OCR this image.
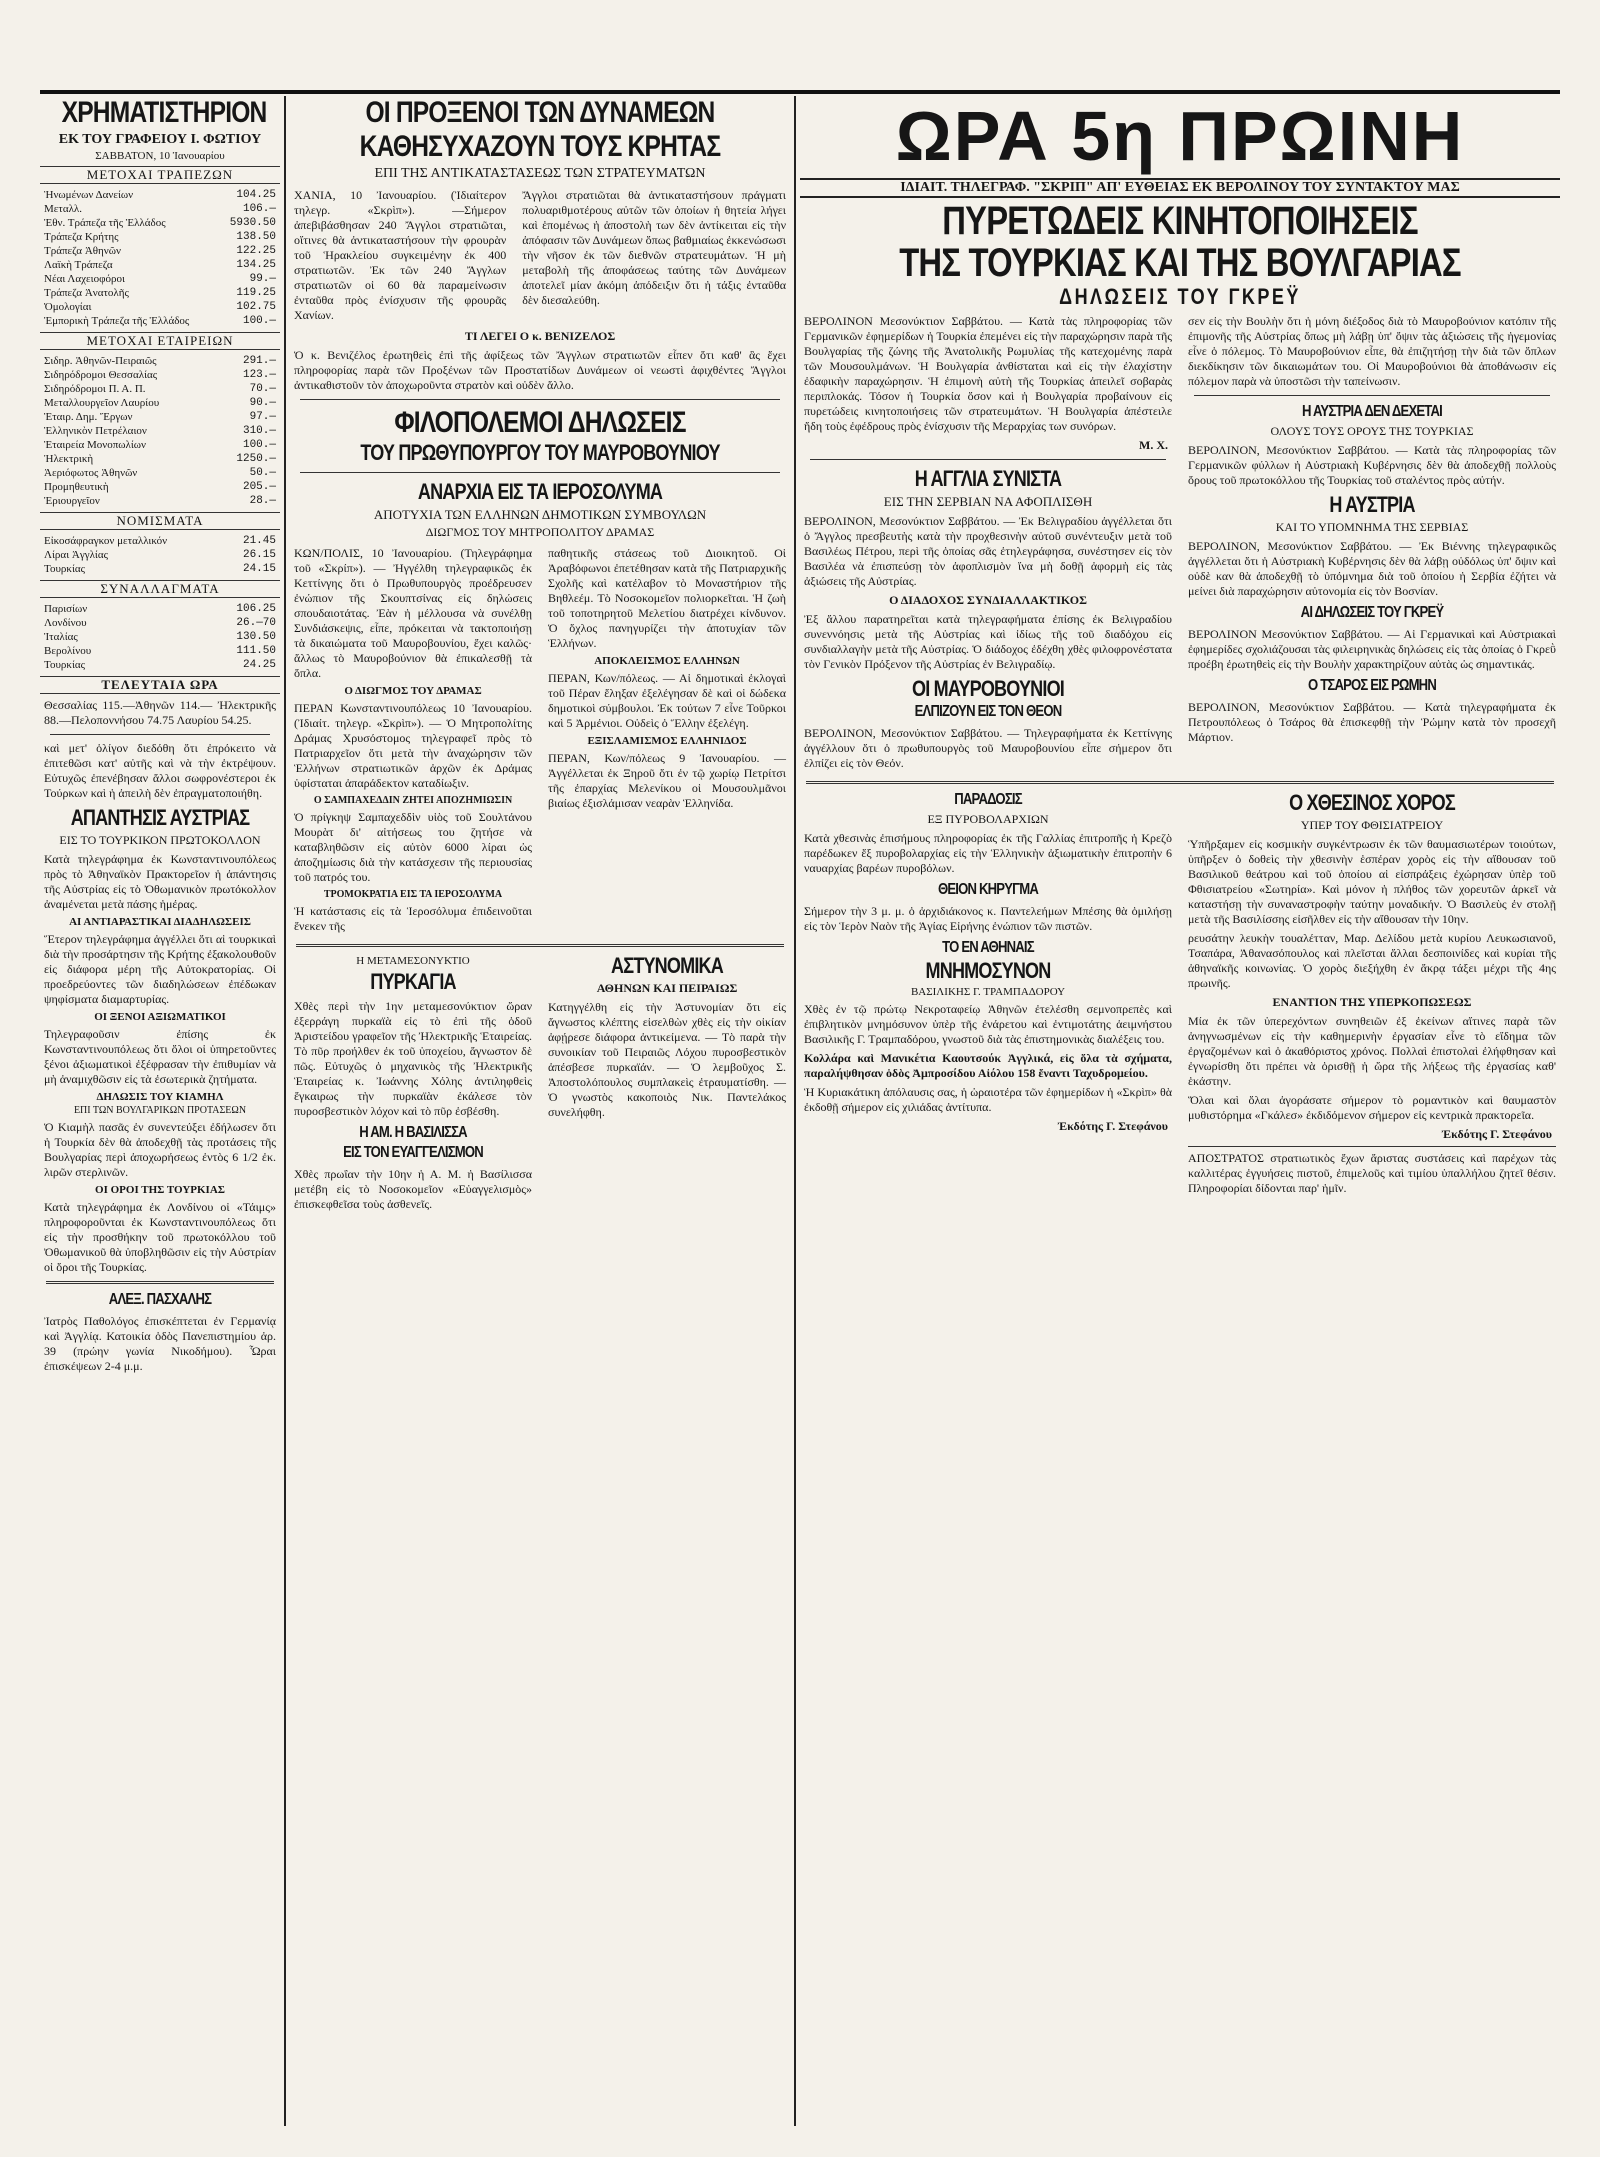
ΧΡΗΜΑΤΙΣΤΗΡΙΟΝ
ΕΚ ΤΟΥ ΓΡΑΦΕΙΟΥ Ι. ΦΩΤΙΟΥ
ΣΑΒΒΑΤΟΝ, 10 Ἰανουαρίου
ΜΕΤΟΧΑΙ ΤΡΑΠΕΖΩΝ
Ἡνωμένων Δανείων	104.25
Μεταλλ.	106.—
Ἐθν. Τράπεζα τῆς Ἑλλάδος	5930.50
Τράπεζα Κρήτης	138.50
Τράπεζα Ἀθηνῶν	122.25
Λαϊκὴ Τράπεζα	134.25
Νέαι Λαχειοφόροι	99.—
Τράπεζα Ἀνατολῆς	119.25
Ὀμολογίαι	102.75
Ἐμπορικὴ Τράπεζα τῆς Ἑλλάδος	100.—
ΜΕΤΟΧΑΙ ΕΤΑΙΡΕΙΩΝ
Σιδηρ. Ἀθηνῶν-Πειραιῶς	291.—
Σιδηρόδρομοι Θεσσαλίας	123.—
Σιδηρόδρομοι Π. Α. Π.	70.—
Μεταλλουργεῖον Λαυρίου	90.—
Ἑταιρ. Δημ. Ἔργων	97.—
Ἑλληνικὸν Πετρέλαιον	310.—
Ἑταιρεία Μονοπωλίων	100.—
Ἠλεκτρικὴ	1250.—
Ἀεριόφωτος Ἀθηνῶν	50.—
Προμηθευτικὴ	205.—
Ἐριουργεῖον	28.—
ΝΟΜΙΣΜΑΤΑ
Εἰκοσάφραγκον μεταλλικόν	21.45
Λίραι Ἀγγλίας	26.15
Τουρκίας	24.15
ΣΥΝΑΛΛΑΓΜΑΤΑ
Παρισίων	106.25
Λονδίνου	26.—70
Ἰταλίας	130.50
Βερολίνου	111.50
Τουρκίας	24.25
ΤΕΛΕΥΤΑΙΑ ΩΡΑ

Θεσσαλίας 115.—Ἀθηνῶν 114.— Ἠλεκτρικῆς 88.—Πελοποννήσου 74.75 Λαυρίου 54.25.

καὶ μετ' ὀλίγον διεδόθη ὅτι ἐπρόκειτο νὰ ἐπιτεθῶσι κατ' αὐτῆς καὶ νὰ τὴν ἐκτρέψουν. Εὐτυχῶς ἐπενέβησαν ἄλλοι σωφρονέστεροι ἐκ Τούρκων καὶ ἡ ἀπειλὴ δὲν ἐπραγματοποιήθη.

ΑΠΑΝΤΗΣΙΣ ΑΥΣΤΡΙΑΣ
ΕΙΣ ΤΟ ΤΟΥΡΚΙΚΟΝ ΠΡΩΤΟΚΟΛΛΟΝ

Κατὰ τηλεγράφημα ἐκ Κωνσταντινουπόλεως πρὸς τὸ Ἀθηναϊκὸν Πρακτορεῖον ἡ ἀπάντησις τῆς Αὐστρίας εἰς τὸ Ὀθωμανικὸν πρωτόκολλον ἀναμένεται μετὰ πάσης ἡμέρας.

ΑΙ ΑΝΤΙΑΡΑΣΤΙΚΑΙ ΔΙΑΔΗΛΩΣΕΙΣ

Ἕτερον τηλεγράφημα ἀγγέλλει ὅτι αἱ τουρκικαὶ διὰ τὴν προσάρτησιν τῆς Κρήτης ἐξακολουθοῦν εἰς διάφορα μέρη τῆς Αὐτοκρατορίας. Οἱ προεδρεύοντες τῶν διαδηλώσεων ἐπέδωκαν ψηφίσματα διαμαρτυρίας.

ΟΙ ΞΕΝΟΙ ΑΞΙΩΜΑΤΙΚΟΙ

Τηλεγραφοῦσιν ἐπίσης ἐκ Κωνσταντινουπόλεως ὅτι ὅλοι οἱ ὑπηρετοῦντες ξένοι ἀξιωματικοὶ ἐξέφρασαν τὴν ἐπιθυμίαν νὰ μὴ ἀναμιχθῶσιν εἰς τὰ ἐσωτερικὰ ζητήματα.

ΔΗΛΩΣΙΣ ΤΟΥ ΚΙΑΜΗΛ
ΕΠΙ ΤΩΝ ΒΟΥΛΓΑΡΙΚΩΝ ΠΡΟΤΑΣΕΩΝ

Ὁ Κιαμὴλ πασᾶς ἐν συνεντεύξει ἐδήλωσεν ὅτι ἡ Τουρκία δὲν θὰ ἀποδεχθῇ τὰς προτάσεις τῆς Βουλγαρίας περὶ ἀποχωρήσεως ἐντὸς 6 1/2 ἐκ. λιρῶν στερλινῶν.

ΟΙ ΟΡΟΙ ΤΗΣ ΤΟΥΡΚΙΑΣ

Κατὰ τηλεγράφημα ἐκ Λονδίνου οἱ «Τάιμς» πληροφοροῦνται ἐκ Κωνσταντινουπόλεως ὅτι εἰς τὴν προσθήκην τοῦ πρωτοκόλλου τοῦ Ὀθωμανικοῦ θὰ ὑποβληθῶσιν εἰς τὴν Αὐστρίαν οἱ ὅροι τῆς Τουρκίας.

ΑΛΕΞ. ΠΑΣΧΑΛΗΣ

Ἰατρὸς Παθολόγος ἐπισκέπτεται ἐν Γερμανίᾳ καὶ Ἀγγλίᾳ. Κατοικία ὁδὸς Πανεπιστημίου ἀρ. 39 (πρώην γωνία Νικοδήμου). Ὧραι ἐπισκέψεων 2-4 μ.μ.

ΟΙ ΠΡΟΞΕΝΟΙ ΤΩΝ ΔΥΝΑΜΕΩΝ
ΚΑΘΗΣΥΧΑΖΟΥΝ ΤΟΥΣ ΚΡΗΤΑΣ
ΕΠΙ ΤΗΣ ΑΝΤΙΚΑΤΑΣΤΑΣΕΩΣ ΤΩΝ ΣΤΡΑΤΕΥΜΑΤΩΝ

ΧΑΝΙΑ, 10 Ἰανουαρίου. (Ἰδιαίτερον τηλεγρ. «Σκρὶπ»). —Σήμερον ἀπεβιβάσθησαν 240 Ἄγγλοι στρατιῶται, οἵτινες θὰ ἀντικαταστήσουν τὴν φρουρὰν τοῦ Ἡρακλείου συγκειμένην ἐκ 400 στρατιωτῶν. Ἐκ τῶν 240 Ἄγγλων στρατιωτῶν οἱ 60 θὰ παραμείνωσιν ἐνταῦθα πρὸς ἐνίσχυσιν τῆς φρουρᾶς Χανίων.

Ἄγγλοι στρατιῶται θὰ ἀντικαταστήσουν πράγματι πολυαριθμοτέρους αὐτῶν τῶν ὁποίων ἡ θητεία λήγει καὶ ἑπομένως ἡ ἀποστολὴ των δὲν ἀντίκειται εἰς τὴν ἀπόφασιν τῶν Δυνάμεων ὅπως βαθμιαίως ἐκκενώσωσι τὴν νῆσον ἐκ τῶν διεθνῶν στρατευμάτων. Ἡ μὴ μεταβολὴ τῆς ἀποφάσεως ταύτης τῶν Δυνάμεων ἀποτελεῖ μίαν ἀκόμη ἀπόδειξιν ὅτι ἡ τάξις ἐνταῦθα δὲν διεσαλεύθη.

ΤΙ ΛΕΓΕΙ Ο κ. ΒΕΝΙΖΕΛΟΣ

Ὁ κ. Βενιζέλος ἐρωτηθεὶς ἐπὶ τῆς ἀφίξεως τῶν Ἄγγλων στρατιωτῶν εἶπεν ὅτι καθ' ἃς ἔχει πληροφορίας παρὰ τῶν Προξένων τῶν Προστατίδων Δυνάμεων οἱ νεωστὶ ἀφιχθέντες Ἄγγλοι ἀντικαθιστοῦν τὸν ἀποχωροῦντα στρατὸν καὶ οὐδὲν ἄλλο.

ΦΙΛΟΠΟΛΕΜΟΙ ΔΗΛΩΣΕΙΣ
ΤΟΥ ΠΡΩΘΥΠΟΥΡΓΟΥ ΤΟΥ ΜΑΥΡΟΒΟΥΝΙΟΥ
ΑΝΑΡΧΙΑ ΕΙΣ ΤΑ ΙΕΡΟΣΟΛΥΜΑ
ΑΠΟΤΥΧΙΑ ΤΩΝ ΕΛΛΗΝΩΝ ΔΗΜΟΤΙΚΩΝ ΣΥΜΒΟΥΛΩΝ
ΔΙΩΓΜΟΣ ΤΟΥ ΜΗΤΡΟΠΟΛΙΤΟΥ ΔΡΑΜΑΣ

ΚΩΝ/ΠΟΛΙΣ, 10 Ἰανουαρίου. (Τηλεγράφημα τοῦ «Σκρίπ»). — Ἠγγέλθη τηλεγραφικῶς ἐκ Κεττίνγης ὅτι ὁ Πρωθυπουργὸς προέδρευσεν ἐνώπιον τῆς Σκουπτσίνας εἰς δηλώσεις σπουδαιοτάτας. Ἐὰν ἡ μέλλουσα νὰ συνέλθῃ Συνδιάσκεψις, εἶπε, πρόκειται νὰ τακτοποιήσῃ τὰ δικαιώματα τοῦ Μαυροβουνίου, ἔχει καλῶς· ἄλλως τὸ Μαυροβούνιον θὰ ἐπικαλεσθῇ τὰ ὅπλα.

Ο ΔΙΩΓΜΟΣ ΤΟΥ ΔΡΑΜΑΣ

ΠΕΡΑΝ Κωνσταντινουπόλεως 10 Ἰανουαρίου. (Ἰδιαίτ. τηλεγρ. «Σκρὶπ»). — Ὁ Μητροπολίτης Δράμας Χρυσόστομος τηλεγραφεῖ πρὸς τὸ Πατριαρχεῖον ὅτι μετὰ τὴν ἀναχώρησιν τῶν Ἑλλήνων στρατιωτικῶν ἀρχῶν ἐκ Δράμας ὑφίσταται ἀπαράδεκτον καταδίωξιν.

Ο ΣΑΜΠΑΧΕΔΔΙΝ ΖΗΤΕΙ ΑΠΟΖΗΜΙΩΣΙΝ

Ὁ πρίγκηψ Σαμπαχεδδὶν υἱὸς τοῦ Σουλτάνου Μουρὰτ δι' αἰτήσεως του ζητήσε νὰ καταβληθῶσιν εἰς αὐτὸν 6000 λίραι ὡς ἀποζημίωσις διὰ τὴν κατάσχεσιν τῆς περιουσίας τοῦ πατρός του.

ΤΡΟΜΟΚΡΑΤΙΑ ΕΙΣ ΤΑ ΙΕΡΟΣΟΛΥΜΑ

Ἡ κατάστασις εἰς τὰ Ἱεροσόλυμα ἐπιδεινοῦται ἕνεκεν τῆς

παθητικῆς στάσεως τοῦ Διοικητοῦ. Οἱ Ἀραβόφωνοι ἐπετέθησαν κατὰ τῆς Πατριαρχικῆς Σχολῆς καὶ κατέλαβον τὸ Μοναστήριον τῆς Βηθλεέμ. Τὸ Νοσοκομεῖον πολιορκεῖται. Ἡ ζωὴ τοῦ τοποτηρητοῦ Μελετίου διατρέχει κίνδυνον. Ὁ ὄχλος πανηγυρίζει τὴν ἀποτυχίαν τῶν Ἑλλήνων.

ΑΠΟΚΛΕΙΣΜΟΣ ΕΛΛΗΝΩΝ

ΠΕΡΑΝ, Κων/πόλεως. — Αἱ δημοτικαὶ ἐκλογαὶ τοῦ Πέραν ἔληξαν ἐξελέγησαν δὲ καὶ οἱ δώδεκα δημοτικοὶ σύμβουλοι. Ἐκ τούτων 7 εἶνε Τοῦρκοι καὶ 5 Ἀρμένιοι. Οὐδεὶς ὁ Ἕλλην ἐξελέγη.

ΕΞΙΣΛΑΜΙΣΜΟΣ ΕΛΛΗΝΙΔΟΣ

ΠΕΡΑΝ, Κων/πόλεως 9 Ἰανουαρίου. — Ἀγγέλλεται ἐκ Ξηροῦ ὅτι ἐν τῷ χωρίῳ Πετρίτσι τῆς ἐπαρχίας Μελενίκου οἱ Μουσουλμᾶνοι βιαίως ἐξισλάμισαν νεαρὰν Ἑλληνίδα.

Η ΜΕΤΑΜΕΣΟΝΥΚΤΙΟ
ΠΥΡΚΑΓΙΑ

Χθὲς περὶ τὴν 1ην μεταμεσονύκτιον ὥραν ἐξερράγη πυρκαϊὰ εἰς τὸ ἐπὶ τῆς ὁδοῦ Ἀριστείδου γραφεῖον τῆς Ἠλεκτρικῆς Ἑταιρείας. Τὸ πῦρ προήλθεν ἐκ τοῦ ὑποχείου, ἄγνωστον δὲ πῶς. Εὐτυχῶς ὁ μηχανικὸς τῆς Ἠλεκτρικῆς Ἑταιρείας κ. Ἰωάννης Χόλης ἀντιληφθεὶς ἔγκαιρως τὴν πυρκαϊὰν ἐκάλεσε τὸν πυροσβεστικὸν λόχον καὶ τὸ πῦρ ἐσβέσθη.

Η ΑΜ. Η ΒΑΣΙΛΙΣΣΑ
ΕΙΣ ΤΟΝ ΕΥΑΓΓΕΛΙΣΜΟΝ

Χθὲς πρωΐαν τὴν 10ην ἡ Α. Μ. ἡ Βασίλισσα μετέβη εἰς τὸ Νοσοκομεῖον «Εὐαγγελισμὸς» ἐπισκεφθεῖσα τοὺς ἀσθενεῖς.

ΑΣΤΥΝΟΜΙΚΑ
ΑΘΗΝΩΝ ΚΑΙ ΠΕΙΡΑΙΩΣ

Κατηγγέλθη εἰς τὴν Ἀστυνομίαν ὅτι εἰς ἄγνωστος κλέπτης εἰσελθὼν χθὲς εἰς τὴν οἰκίαν ἀφῄρεσε διάφορα ἀντικείμενα. — Τὸ παρὰ τὴν συνοικίαν τοῦ Πειραιῶς Λόχου πυροσβεστικὸν ἀπέσβεσε πυρκαϊάν. — Ὁ λεμβοῦχος Σ. Ἀποστολόπουλος συμπλακεὶς ἐτραυματίσθη. — Ὁ γνωστὸς κακοποιὸς Νικ. Παντελάκος συνελήφθη.

ΩΡΑ 5η ΠΡΩΙΝΗ
ΙΔΙΑΙΤ. ΤΗΛΕΓΡΑΦ. "ΣΚΡΙΠ" ΑΠ' ΕΥΘΕΙΑΣ ΕΚ ΒΕΡΟΛΙΝΟΥ ΤΟΥ ΣΥΝΤΑΚΤΟΥ ΜΑΣ
ΠΥΡΕΤΩΔΕΙΣ ΚΙΝΗΤΟΠΟΙΗΣΕΙΣ
ΤΗΣ ΤΟΥΡΚΙΑΣ ΚΑΙ ΤΗΣ ΒΟΥΛΓΑΡΙΑΣ
ΔΗΛΩΣΕΙΣ ΤΟΥ ΓΚΡΕΫ

ΒΕΡΟΛΙΝΟΝ Μεσονύκτιον Σαββάτου. — Κατὰ τὰς πληροφορίας τῶν Γερμανικῶν ἐφημερίδων ἡ Τουρκία ἐπεμένει εἰς τὴν παραχώρησιν παρὰ τῆς Βουλγαρίας τῆς ζώνης τῆς Ἀνατολικῆς Ρωμυλίας τῆς κατεχομένης παρὰ τῶν Μουσουλμάνων. Ἡ Βουλγαρία ἀνθίσταται καὶ εἰς τὴν ἐλαχίστην ἐδαφικὴν παραχώρησιν. Ἡ ἐπιμονὴ αὐτὴ τῆς Τουρκίας ἀπειλεῖ σοβαρὰς περιπλοκάς. Τόσον ἡ Τουρκία ὅσον καὶ ἡ Βουλγαρία προβαίνουν εἰς πυρετώδεις κινητοποιήσεις τῶν στρατευμάτων. Ἡ Βουλγαρία ἀπέστειλε ἤδη τοὺς ἐφέδρους πρὸς ἐνίσχυσιν τῆς Μεραρχίας των συνόρων.

Μ. Χ.
Η ΑΓΓΛΙΑ ΣΥΝΙΣΤΑ
ΕΙΣ ΤΗΝ ΣΕΡΒΙΑΝ ΝΑ ΑΦΟΠΛΙΣΘΗ

ΒΕΡΟΛΙΝΟΝ, Μεσονύκτιον Σαββάτου. — Ἐκ Βελιγραδίου ἀγγέλλεται ὅτι ὁ Ἄγγλος πρεσβευτὴς κατὰ τὴν προχθεσινὴν αὐτοῦ συνέντευξιν μετὰ τοῦ Βασιλέως Πέτρου, περὶ τῆς ὁποίας σᾶς ἐτηλεγράφησα, συνέστησεν εἰς τὸν Βασιλέα νὰ ἐπισπεύσῃ τὸν ἀφοπλισμὸν ἵνα μὴ δοθῇ ἀφορμὴ εἰς τὰς ἀξιώσεις τῆς Αὐστρίας.

Ο ΔΙΑΔΟΧΟΣ ΣΥΝΔΙΑΛΛΑΚΤΙΚΟΣ

Ἐξ ἄλλου παρατηρεῖται κατὰ τηλεγραφήματα ἐπίσης ἐκ Βελιγραδίου συνεννόησις μετὰ τῆς Αὐστρίας καὶ ἰδίως τῆς τοῦ διαδόχου εἰς συνδιαλλαγὴν μετὰ τῆς Αὐστρίας. Ὁ διάδοχος ἐδέχθη χθὲς φιλοφρονέστατα τὸν Γενικὸν Πρόξενον τῆς Αὐστρίας ἐν Βελιγραδίῳ.

ΟΙ ΜΑΥΡΟΒΟΥΝΙΟΙ
ΕΛΠΙΖΟΥΝ ΕΙΣ ΤΟΝ ΘΕΟΝ

ΒΕΡΟΛΙΝΟΝ, Μεσονύκτιον Σαββάτου. — Τηλεγραφήματα ἐκ Κεττίνγης ἀγγέλλουν ὅτι ὁ πρωθυπουργὸς τοῦ Μαυροβουνίου εἶπε σήμερον ὅτι ἐλπίζει εἰς τὸν Θεόν.

σεν εἰς τὴν Βουλὴν ὅτι ἡ μόνη διέξοδος διὰ τὸ Μαυροβούνιον κατόπιν τῆς ἐπιμονῆς τῆς Αὐστρίας ὅπως μὴ λάβῃ ὑπ' ὄψιν τὰς ἀξιώσεις τῆς ἡγεμονίας εἶνε ὁ πόλεμος. Τὸ Μαυροβούνιον εἶπε, θὰ ἐπιζητήσῃ τὴν διὰ τῶν ὅπλων διεκδίκησιν τῶν δικαιωμάτων του. Οἱ Μαυροβούνιοι θὰ ἀποθάνωσιν εἰς πόλεμον παρὰ νὰ ὑποστῶσι τὴν ταπείνωσιν.

Η ΑΥΣΤΡΙΑ ΔΕΝ ΔΕΧΕΤΑΙ
ΟΛΟΥΣ ΤΟΥΣ ΟΡΟΥΣ ΤΗΣ ΤΟΥΡΚΙΑΣ

ΒΕΡΟΛΙΝΟΝ, Μεσονύκτιον Σαββάτου. — Κατὰ τὰς πληροφορίας τῶν Γερμανικῶν φύλλων ἡ Αὐστριακὴ Κυβέρνησις δὲν θὰ ἀποδεχθῇ πολλοὺς ὅρους τοῦ πρωτοκόλλου τῆς Τουρκίας τοῦ σταλέντος πρὸς αὐτήν.

Η ΑΥΣΤΡΙΑ
ΚΑΙ ΤΟ ΥΠΟΜΝΗΜΑ ΤΗΣ ΣΕΡΒΙΑΣ

ΒΕΡΟΛΙΝΟΝ, Μεσονύκτιον Σαββάτου. — Ἐκ Βιέννης τηλεγραφικῶς ἀγγέλλεται ὅτι ἡ Αὐστριακὴ Κυβέρνησις δὲν θὰ λάβῃ οὐδόλως ὑπ' ὄψιν καὶ οὐδὲ καν θὰ ἀποδεχθῇ τὸ ὑπόμνημα διὰ τοῦ ὁποίου ἡ Σερβία ἐζήτει νὰ μείνει διὰ παραχώρησιν αὐτονομία εἰς τὸν Βοσνίαν.

ΑΙ ΔΗΛΩΣΕΙΣ ΤΟΥ ΓΚΡΕΫ

ΒΕΡΟΛΙΝΟΝ Μεσονύκτιον Σαββάτου. — Αἱ Γερμανικαὶ καὶ Αὐστριακαὶ ἐφημερίδες σχολιάζουσαι τὰς φιλειρηνικὰς δηλώσεις εἰς τὰς ὁποίας ὁ Γκρεῢ προέβη ἐρωτηθεὶς εἰς τὴν Βουλὴν χαρακτηρίζουν αὐτὰς ὡς σημαντικάς.

Ο ΤΣΑΡΟΣ ΕΙΣ ΡΩΜΗΝ

ΒΕΡΟΛΙΝΟΝ, Μεσονύκτιον Σαββάτου. — Κατὰ τηλεγραφήματα ἐκ Πετρουπόλεως ὁ Τσάρος θὰ ἐπισκεφθῇ τὴν Ῥώμην κατὰ τὸν προσεχῆ Μάρτιον.

ΠΑΡΑΔΟΣΙΣ
ΕΞ ΠΥΡΟΒΟΛΑΡΧΙΩΝ

Κατὰ χθεσινὰς ἐπισήμους πληροφορίας ἐκ τῆς Γαλλίας ἐπιτροπῆς ἡ Κρεζὸ παρέδωκεν ἕξ πυροβολαρχίας εἰς τὴν Ἑλληνικὴν ἀξιωματικὴν ἐπιτροπὴν 6 ναυαρχίας βαρέων πυροβόλων.

ΘΕΙΟΝ ΚΗΡΥΓΜΑ

Σήμερον τὴν 3 μ. μ. ὁ ἀρχιδιάκονος κ. Παντελεήμων Μπέσης θὰ ὁμιλήσῃ εἰς τὸν Ἱερὸν Ναὸν τῆς Ἁγίας Εἰρήνης ἐνώπιον τῶν πιστῶν.

ΤΟ ΕΝ ΑΘΗΝΑΙΣ
ΜΝΗΜΟΣΥΝΟΝ
ΒΑΣΙΛΙΚΗΣ Γ. ΤΡΑΜΠΑΔΟΡΟΥ

Χθὲς ἐν τῷ πρώτῳ Νεκροταφείῳ Ἀθηνῶν ἐτελέσθη σεμνοπρεπὲς καὶ ἐπιβλητικὸν μνημόσυνον ὑπὲρ τῆς ἐνάρετου καὶ ἐντιμοτάτης ἀειμνήστου Βασιλικῆς Γ. Τραμπαδόρου, γνωστοῦ διὰ τὰς ἐπιστημονικὰς διαλέξεις του.

Κολλάρα καὶ Μανικέτια Καουτσούκ Ἀγγλικά, εἰς ὅλα τὰ σχήματα, παραλήψθησαν ὁδὸς Ἀμπροσίδου Αἰόλου 158 ἔναντι Ταχυδρομείου.

Ἡ Κυριακάτικη ἀπόλαυσις σας, ἡ ὡραιοτέρα τῶν ἐφημερίδων ἡ «Σκρὶπ» θὰ ἐκδοθῇ σήμερον εἰς χιλιάδας ἀντίτυπα.

Ἐκδότης Γ. Στεφάνου
Ο ΧΘΕΣΙΝΟΣ ΧΟΡΟΣ
ΥΠΕΡ ΤΟΥ ΦΘΙΣΙΑΤΡΕΙΟΥ

Ὑπῆρξαμεν εἰς κοσμικὴν συγκέντρωσιν ἐκ τῶν θαυμασιωτέρων τοιούτων, ὑπῆρξεν ὁ δοθεὶς τὴν χθεσινὴν ἑσπέραν χορὸς εἰς τὴν αἴθουσαν τοῦ Βασιλικοῦ θεάτρου καὶ τοῦ ὁποίου αἱ εἰσπράξεις ἐχώρησαν ὑπὲρ τοῦ Φθισιατρείου «Σωτηρία». Καὶ μόνον ἡ πλήθος τῶν χορευτῶν ἀρκεῖ νὰ καταστήσῃ τὴν συναναστροφὴν ταύτην μοναδικήν. Ὁ Βασιλεὺς ἐν στολῇ μετὰ τῆς Βασιλίσσης εἰσῆλθεν εἰς τὴν αἴθουσαν τὴν 10ην.

ρευσάτην λευκὴν τουαλέτταν, Μαρ. Δελίδου μετὰ κυρίου Λευκωσιανοῦ, Τσαπάρα, Ἀθανασόπουλος καὶ πλεῖσται ἄλλαι δεσποινίδες καὶ κυρίαι τῆς ἀθηναϊκῆς κοινωνίας. Ὁ χορὸς διεξήχθη ἐν ἄκρᾳ τάξει μέχρι τῆς 4ης πρωινῆς.

ΕΝΑΝΤΙΟΝ ΤΗΣ ΥΠΕΡΚΟΠΩΣΕΩΣ

Μία ἐκ τῶν ὑπερεχόντων συνηθειῶν ἐξ ἐκείνων αἵτινες παρὰ τῶν ἀνηγνωσμένων εἰς τὴν καθημερινὴν ἐργασίαν εἶνε τὸ εἴδημα τῶν ἐργαζομένων καὶ ὁ ἀκαθόριστος χρόνος. Πολλαὶ ἐπιστολαὶ ἐλήφθησαν καὶ ἐγνωρίσθη ὅτι πρέπει νὰ ὁρισθῇ ἡ ὥρα τῆς λήξεως τῆς ἐργασίας καθ' ἑκάστην.

Ὅλαι καὶ ὅλαι ἀγοράσατε σήμερον τὸ ρομαντικὸν καὶ θαυμαστὸν μυθιστόρημα «Γκάλεσ» ἐκδιδόμενον σήμερον εἰς κεντρικὰ πρακτορεῖα.

Ἐκδότης Γ. Στεφάνου

ΑΠΟΣΤΡΑΤΟΣ στρατιωτικὸς ἔχων ἄριστας συστάσεις καὶ παρέχων τὰς καλλιτέρας ἐγγυήσεις πιστοῦ, ἐπιμελοῦς καὶ τιμίου ὑπαλλήλου ζητεῖ θέσιν. Πληροφορίαι δίδονται παρ' ἡμῖν.
